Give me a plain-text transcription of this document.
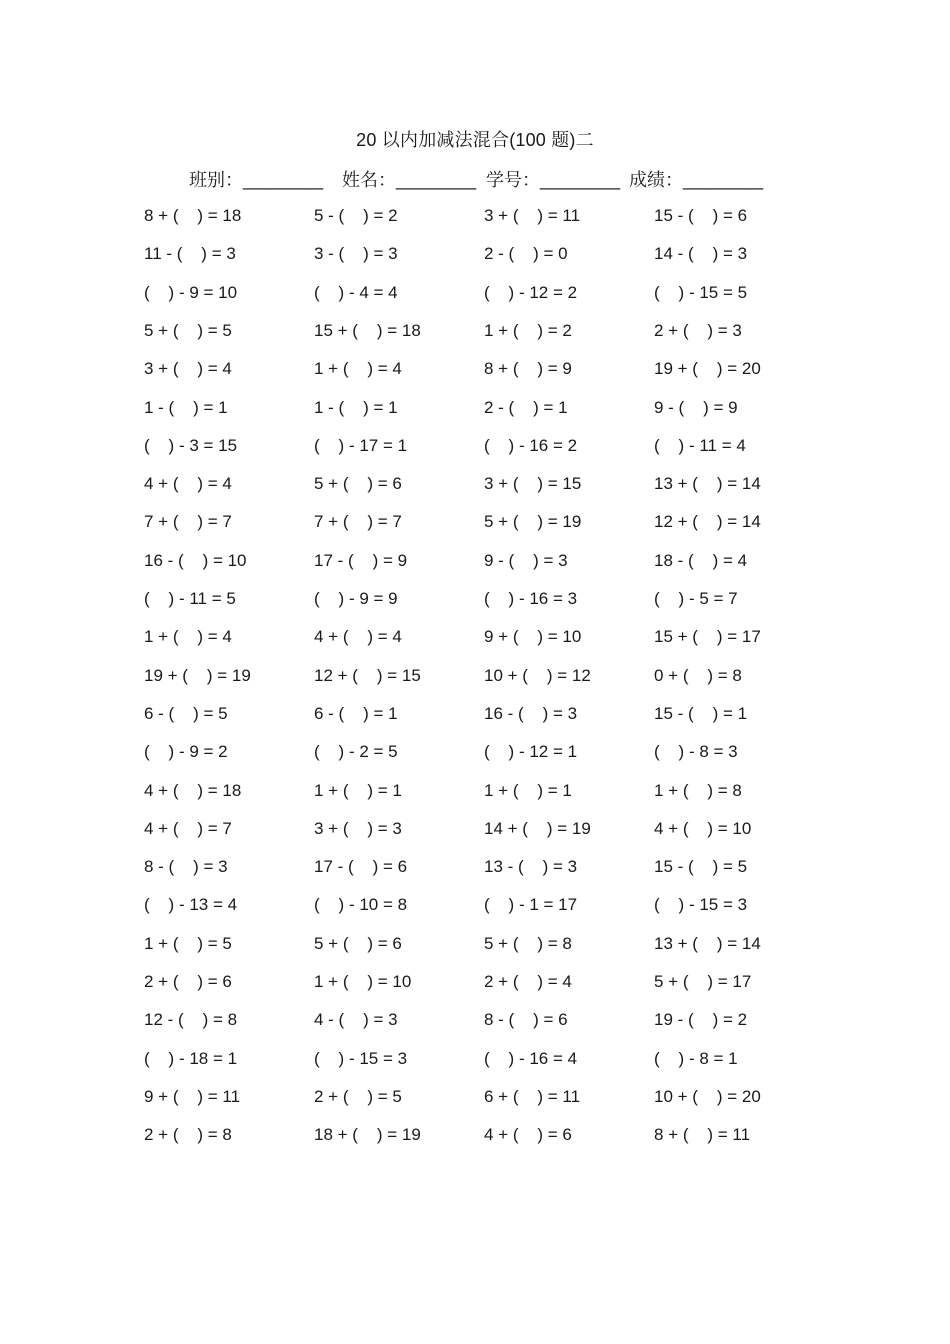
20 以内加减法混合(100 题)二
班别：________ 姓名：________ 学号：________ 成绩：________
8 + (    ) = 18	5 - (    ) = 2	3 + (    ) = 11	15 - (    ) = 6
11 - (    ) = 3	3 - (    ) = 3	2 - (    ) = 0	14 - (    ) = 3
(    ) - 9 = 10	(    ) - 4 = 4	(    ) - 12 = 2	(    ) - 15 = 5
5 + (    ) = 5	15 + (    ) = 18	1 + (    ) = 2	2 + (    ) = 3
3 + (    ) = 4	1 + (    ) = 4	8 + (    ) = 9	19 + (    ) = 20
1 - (    ) = 1	1 - (    ) = 1	2 - (    ) = 1	9 - (    ) = 9
(    ) - 3 = 15	(    ) - 17 = 1	(    ) - 16 = 2	(    ) - 11 = 4
4 + (    ) = 4	5 + (    ) = 6	3 + (    ) = 15	13 + (    ) = 14
7 + (    ) = 7	7 + (    ) = 7	5 + (    ) = 19	12 + (    ) = 14
16 - (    ) = 10	17 - (    ) = 9	9 - (    ) = 3	18 - (    ) = 4
(    ) - 11 = 5	(    ) - 9 = 9	(    ) - 16 = 3	(    ) - 5 = 7
1 + (    ) = 4	4 + (    ) = 4	9 + (    ) = 10	15 + (    ) = 17
19 + (    ) = 19	12 + (    ) = 15	10 + (    ) = 12	0 + (    ) = 8
6 - (    ) = 5	6 - (    ) = 1	16 - (    ) = 3	15 - (    ) = 1
(    ) - 9 = 2	(    ) - 2 = 5	(    ) - 12 = 1	(    ) - 8 = 3
4 + (    ) = 18	1 + (    ) = 1	1 + (    ) = 1	1 + (    ) = 8
4 + (    ) = 7	3 + (    ) = 3	14 + (    ) = 19	4 + (    ) = 10
8 - (    ) = 3	17 - (    ) = 6	13 - (    ) = 3	15 - (    ) = 5
(    ) - 13 = 4	(    ) - 10 = 8	(    ) - 1 = 17	(    ) - 15 = 3
1 + (    ) = 5	5 + (    ) = 6	5 + (    ) = 8	13 + (    ) = 14
2 + (    ) = 6	1 + (    ) = 10	2 + (    ) = 4	5 + (    ) = 17
12 - (    ) = 8	4 - (    ) = 3	8 - (    ) = 6	19 - (    ) = 2
(    ) - 18 = 1	(    ) - 15 = 3	(    ) - 16 = 4	(    ) - 8 = 1
9 + (    ) = 11	2 + (    ) = 5	6 + (    ) = 11	10 + (    ) = 20
2 + (    ) = 8	18 + (    ) = 19	4 + (    ) = 6	8 + (    ) = 11
